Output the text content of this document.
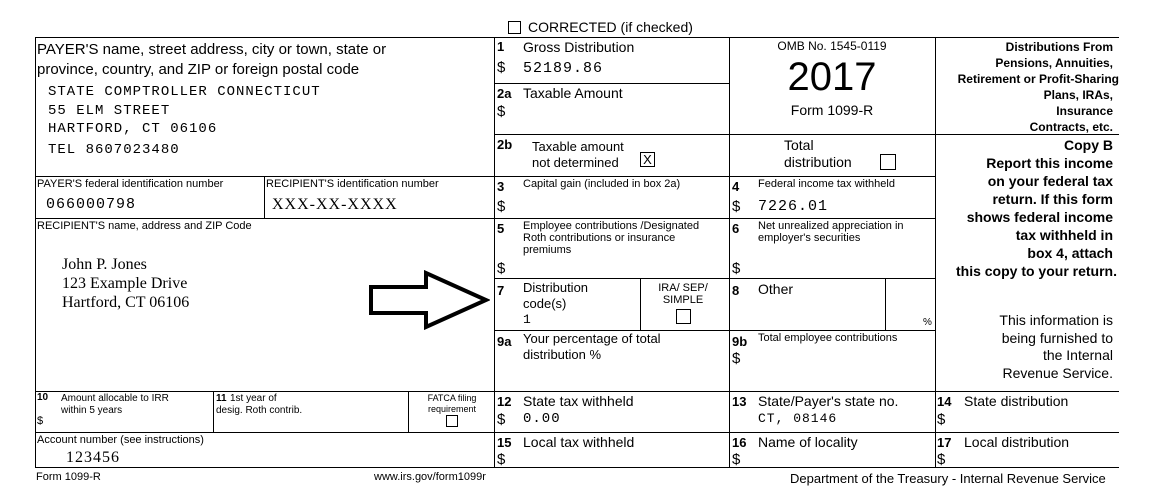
CORRECTED (if checked)
PAYER'S name, street address, city or town, state or
province, country, and ZIP or foreign postal code
STATE COMPTROLLER CONNECTICUT
55 ELM STREET
HARTFORD, CT 06106
TEL 8607023480
PAYER'S federal identification number
066000798
RECIPIENT'S identification number
XXX-XX-XXXX
RECIPIENT'S name, address and ZIP Code
John P. Jones
123 Example Drive
Hartford, CT 06106
1 Gross Distribution
$ 52189.86
2a Taxable Amount
$
2b Taxable amount
not determined	X
Total
distribution
3 Capital gain (included in box 2a)
$
4 Federal income tax withheld
$ 7226.01
5 Employee contributions /Designated
Roth contributions or insurance
premiums
$
6 Net unrealized appreciation in
employer's securities
$
7 Distribution
code(s)
1
IRA/ SEP/
SIMPLE
8 Other
%
9a Your percentage of total
distribution %
9b Total employee contributions
$
OMB No. 1545-0119
2017
Form 1099-R
Distributions From
Pensions, Annuities,
Retirement or Profit-Sharing
Plans, IRAs,
Insurance
Contracts, etc.
Copy B
Report this income
on your federal tax
return. If this form
shows federal income
tax withheld in
box 4, attach
this copy to your return.
This information is
being furnished to
the Internal
Revenue Service.
10 Amount allocable to IRR
within 5 years
$
11 1st year of
desig. Roth contrib.
FATCA filing
requirement	12 State tax withheld
$ 0.00
13 State/Payer's state no.
CT, 08146
14 State distribution
$
Account number (see instructions)
123456
15 Local tax withheld
$
16 Name of locality
$
17 Local distribution
$
Form 1099-R	www.irs.gov/form1099r	Department of the Treasury - Internal Revenue Service
